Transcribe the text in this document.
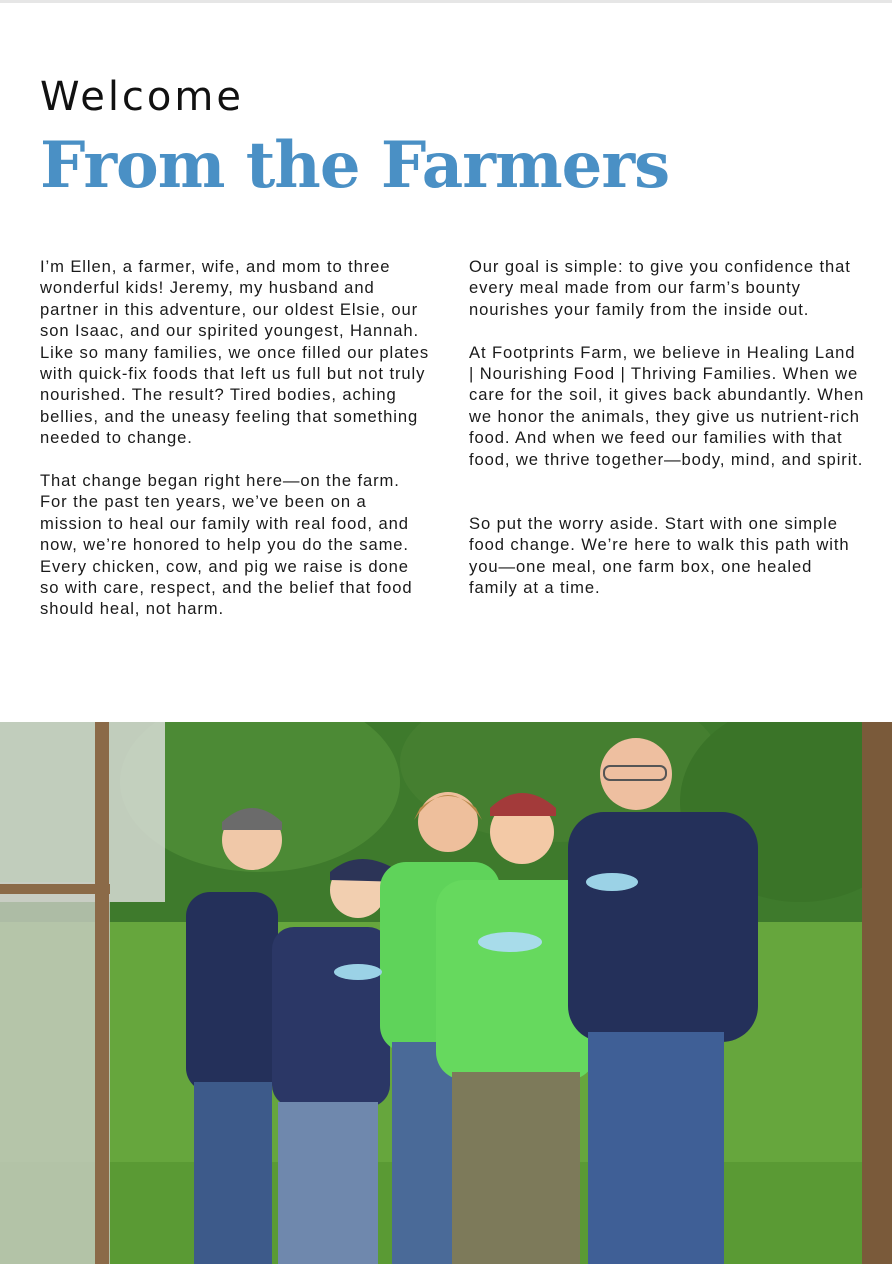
Welcome
From the Farmers

I’m Ellen, a farmer, wife, and mom to three wonderful kids! Jeremy, my husband and partner in this adventure, our oldest Elsie, our son Isaac, and our spirited youngest, Hannah. Like so many families, we once filled our plates with quick-fix foods that left us full but not truly nourished. The result? Tired bodies, aching bellies, and the uneasy feeling that something needed to change.

That change began right here—on the farm. For the past ten years, we’ve been on a mission to heal our family with real food, and now, we’re honored to help you do the same. Every chicken, cow, and pig we raise is done so with care, respect, and the belief that food should heal, not harm.

Our goal is simple: to give you confidence that every meal made from our farm’s bounty nourishes your family from the inside out.

At Footprints Farm, we believe in Healing Land | Nourishing Food | Thriving Families. When we care for the soil, it gives back abundantly. When we honor the animals, they give us nutrient-rich food. And when we feed our families with that food, we thrive together—body, mind, and spirit.

So put the worry aside. Start with one simple food change. We’re here to walk this path with you—one meal, one farm box, one healed family at a time.
